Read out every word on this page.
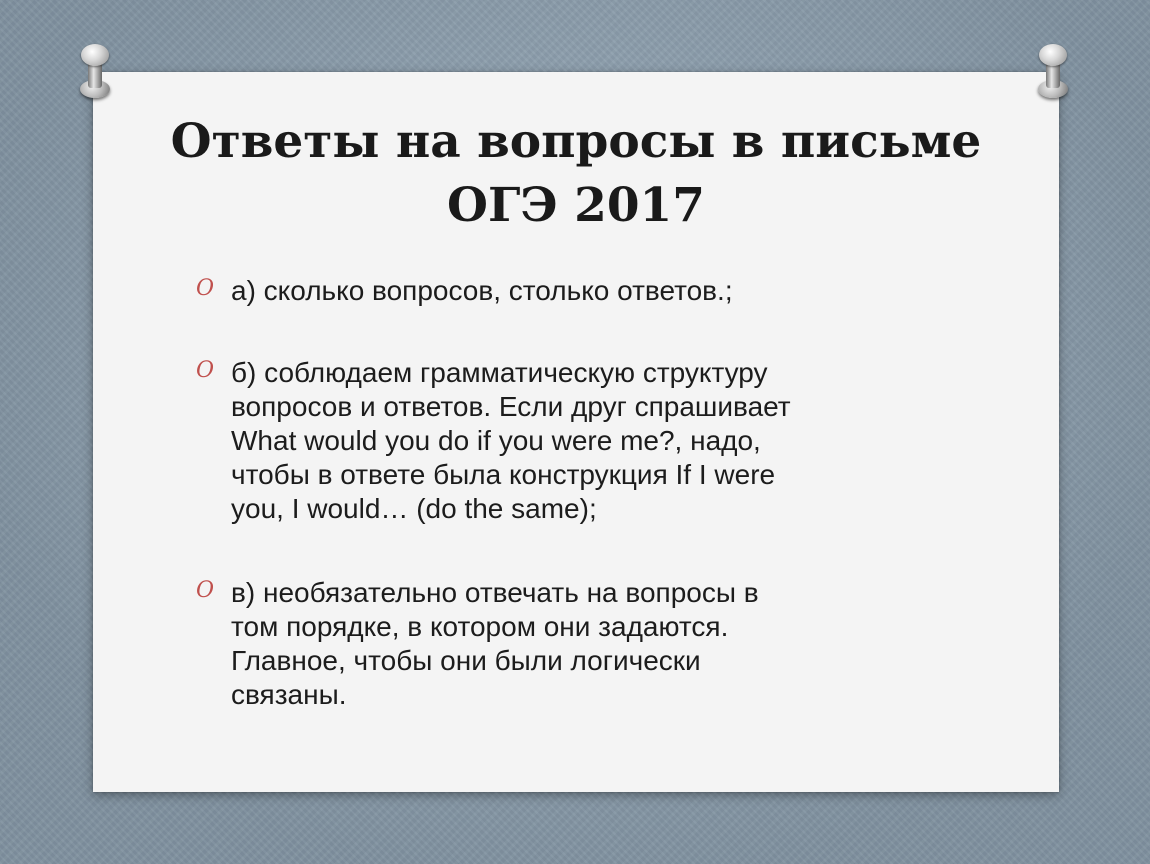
Ответы на вопросы в письме
ОГЭ 2017
O а) сколько вопросов, столько ответов.;
O б) соблюдаем грамматическую структуру
вопросов и ответов. Если друг спрашивает
What would you do if you were me?, надо,
чтобы в ответе была конструкция If I were
you, I would… (do the same);
O в) необязательно отвечать на вопросы в
том порядке, в котором они задаются.
Главное, чтобы они были логически
связаны.
